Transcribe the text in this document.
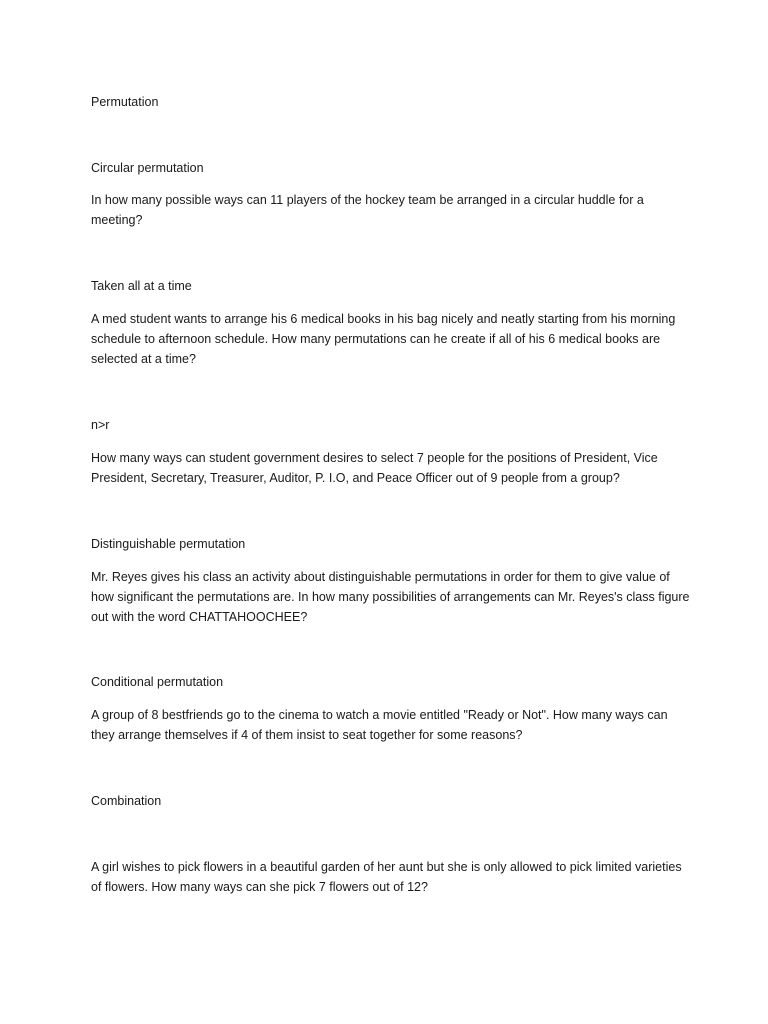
Permutation

Circular permutation

In how many possible ways can 11 players of the hockey team be arranged in a circular huddle for a meeting?

Taken all at a time

A med student wants to arrange his 6 medical books in his bag nicely and neatly starting from his morning schedule to afternoon schedule. How many permutations can he create if all of his 6 medical books are selected at a time?

n>r

How many ways can student government desires to select 7 people for the positions of President, Vice President, Secretary, Treasurer, Auditor, P. I.O, and Peace Officer out of 9 people from a group?

Distinguishable permutation

Mr. Reyes gives his class an activity about distinguishable permutations in order for them to give value of how significant the permutations are. In how many possibilities of arrangements can Mr. Reyes's class figure out with the word CHATTAHOOCHEE?

Conditional permutation

A group of 8 bestfriends go to the cinema to watch a movie entitled "Ready or Not". How many ways can they arrange themselves if 4 of them insist to seat together for some reasons?

Combination

A girl wishes to pick flowers in a beautiful garden of her aunt but she is only allowed to pick limited varieties of flowers. How many ways can she pick 7 flowers out of 12?
